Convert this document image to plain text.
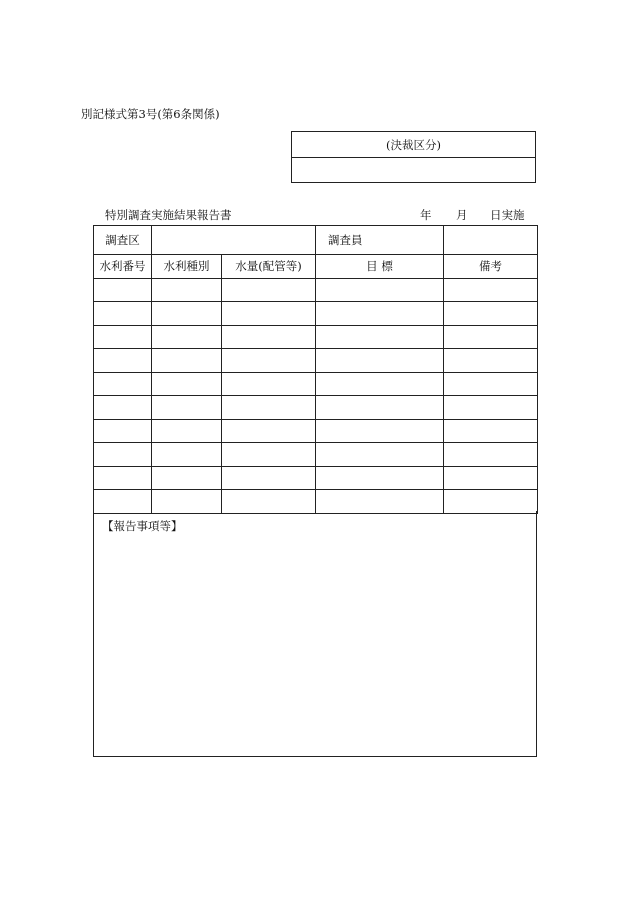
別記様式第3号(第6条関係)
(決裁区分)
特別調査実施結果報告書	年 月 日実施
調査区			調査員	
水利番号	水利種別	水量(配管等)	目 標	備考

【報告事項等】
